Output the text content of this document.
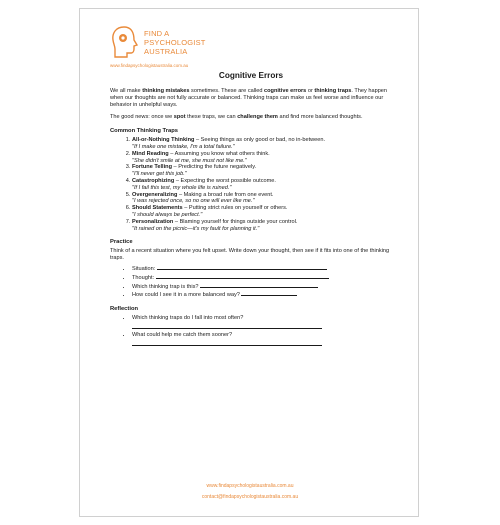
FIND A
PSYCHOLOGIST
AUSTRALIA
www.findapsychologistaustralia.com.au
Cognitive Errors

We all make thinking mistakes sometimes. These are called cognitive errors or thinking traps. They happen when our thoughts are not fully accurate or balanced. Thinking traps can make us feel worse and influence our behavior in unhelpful ways.

The good news: once we spot these traps, we can challenge them and find more balanced thoughts.

Common Thinking Traps
1. All-or-Nothing Thinking – Seeing things as only good or bad, no in-between.
"If I make one mistake, I'm a total failure."
2. Mind Reading – Assuming you know what others think.
"She didn't smile at me, she must not like me."
3. Fortune Telling – Predicting the future negatively.
"I'll never get this job."
4. Catastrophizing – Expecting the worst possible outcome.
"If I fail this test, my whole life is ruined."
5. Overgeneralizing – Making a broad rule from one event.
"I was rejected once, so no one will ever like me."
6. Should Statements – Putting strict rules on yourself or others.
"I should always be perfect."
7. Personalization – Blaming yourself for things outside your control.
"It rained on the picnic—it's my fault for planning it."
Practice

Think of a recent situation where you felt upset. Write down your thought, then see if it fits into one of the thinking traps.

• Situation:
• Thought:
• Which thinking trap is this?
• How could I see it in a more balanced way?
Reflection
• Which thinking traps do I fall into most often?
• What could help me catch them sooner?
www.findapsychologistaustralia.com.au
contact@findapsychologistaustralia.com.au
